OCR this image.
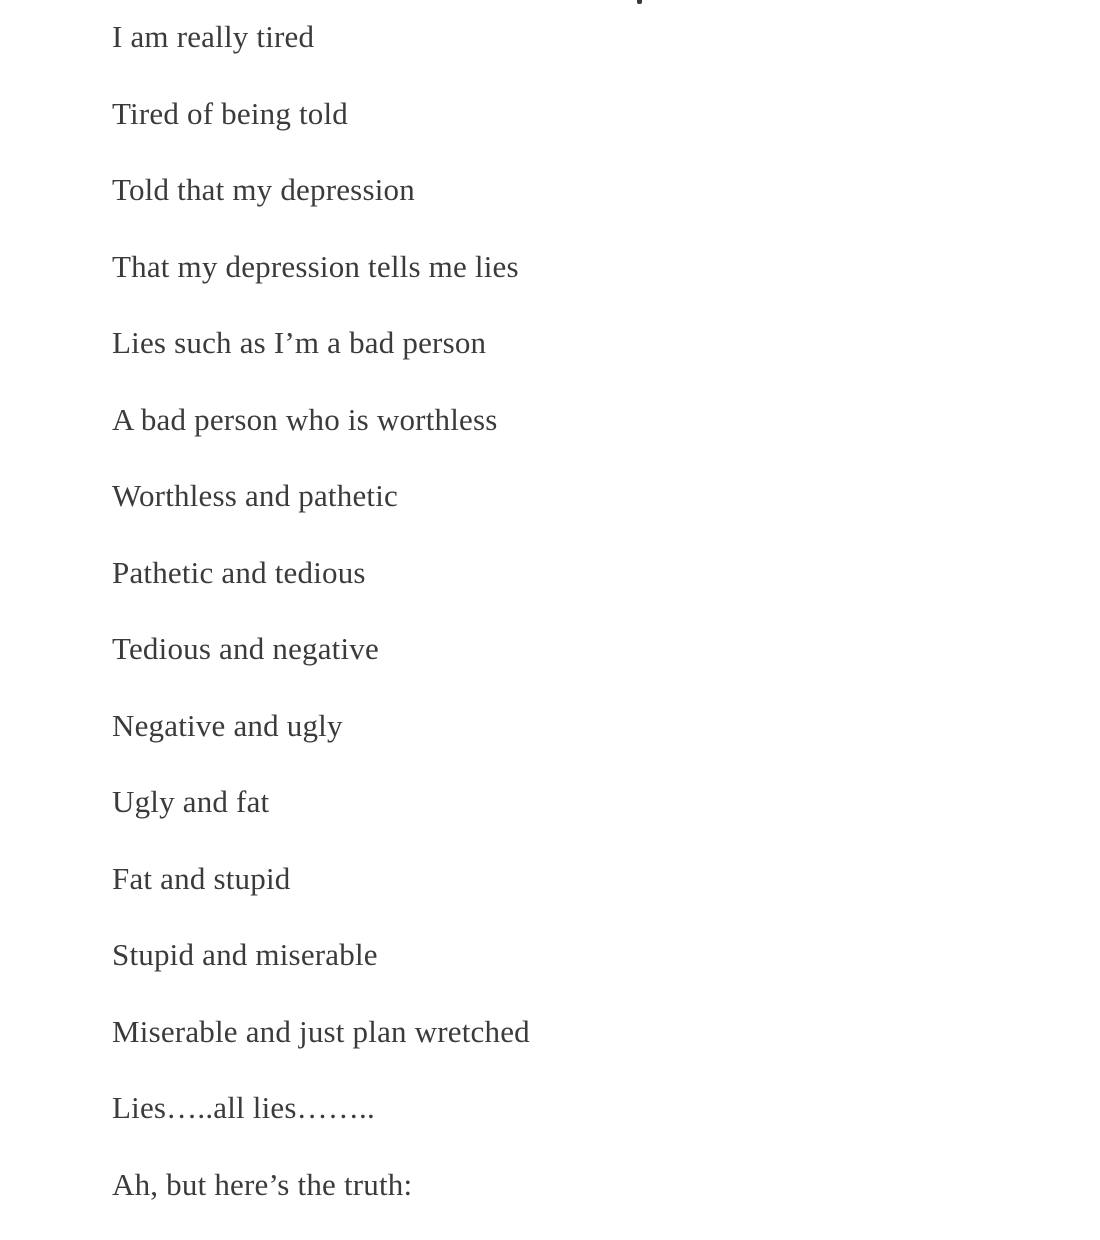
I am really tired

Tired of being told

Told that my depression

That my depression tells me lies

Lies such as I’m a bad person

A bad person who is worthless

Worthless and pathetic

Pathetic and tedious

Tedious and negative

Negative and ugly

Ugly and fat

Fat and stupid

Stupid and miserable

Miserable and just plan wretched

Lies…..all lies……..

Ah, but here’s the truth:
